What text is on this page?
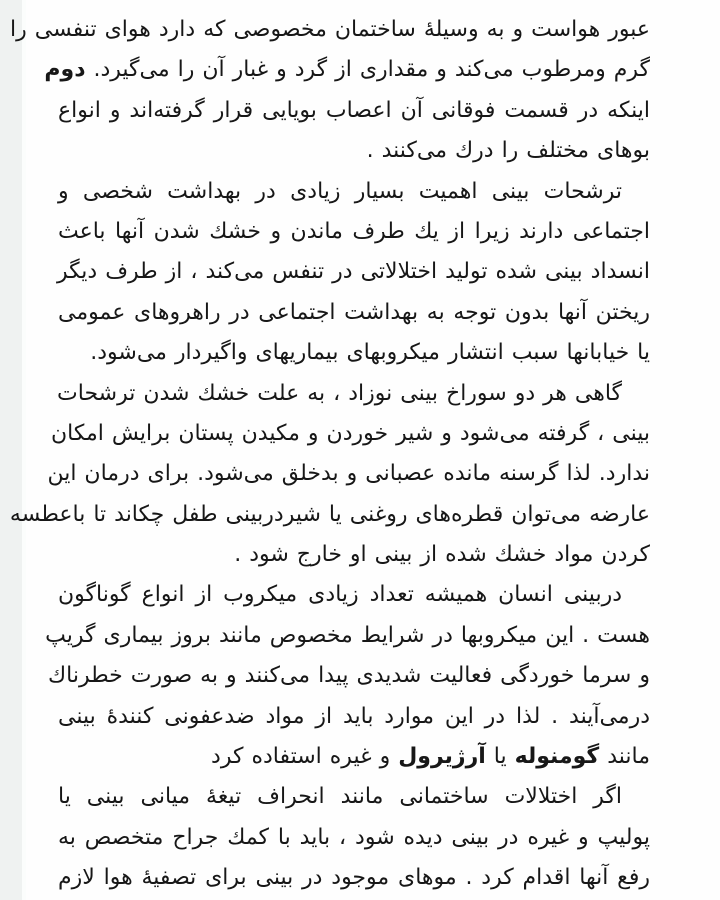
عبور هواست و به وسیلهٔ ساختمان مخصوصی که دارد هوای تنفسی را
گرم ومرطوب می‌کند و مقداری از گرد و غبار آن را می‌گیرد. دوم
اینکه در قسمت فوقانی آن اعصاب بویایی قرار گرفته‌اند و انواع
بوهای مختلف را درك می‌کنند .
ترشحات بینی اهمیت بسیار زیادی در بهداشت شخصی و
اجتماعی دارند زیرا از یك طرف ماندن و خشك شدن آنها باعث
انسداد بینی شده تولید اختلالاتی در تنفس می‌کند ، از طرف دیگر
ریختن آنها بدون توجه به بهداشت اجتماعی در راهروهای عمومی
یا خیابانها سبب انتشار میکروبهای بیماریهای واگیردار می‌شود.
گاهی هر دو سوراخ بینی نوزاد ، به علت خشك شدن ترشحات
بینی ، گرفته می‌شود و شیر خوردن و مکیدن پستان برایش امکان
ندارد. لذا گرسنه مانده عصبانی و بدخلق می‌شود. برای درمان این
عارضه می‌توان قطره‌های روغنی یا شیردربینی طفل چکاند تا باعطسه
کردن مواد خشك شده از بینی او خارج شود .
دربینی انسان همیشه تعداد زیادی میکروب از انواع گوناگون
هست . این میکروبها در شرایط مخصوص مانند بروز بیماری گریپ
و سرما خوردگی فعالیت شدیدی پیدا می‌کنند و به صورت خطرناك
درمی‌آیند . لذا در این موارد باید از مواد ضدعفونی کنندهٔ بینی
مانند گومنوله یا آرژیرول و غیره استفاده کرد
اگر اختلالات ساختمانی مانند انحراف تیغهٔ میانی بینی یا
پولیپ و غیره در بینی دیده شود ، باید با کمك جراح متخصص به
رفع آنها اقدام کرد . موهای موجود در بینی برای تصفیهٔ هوا لازم
